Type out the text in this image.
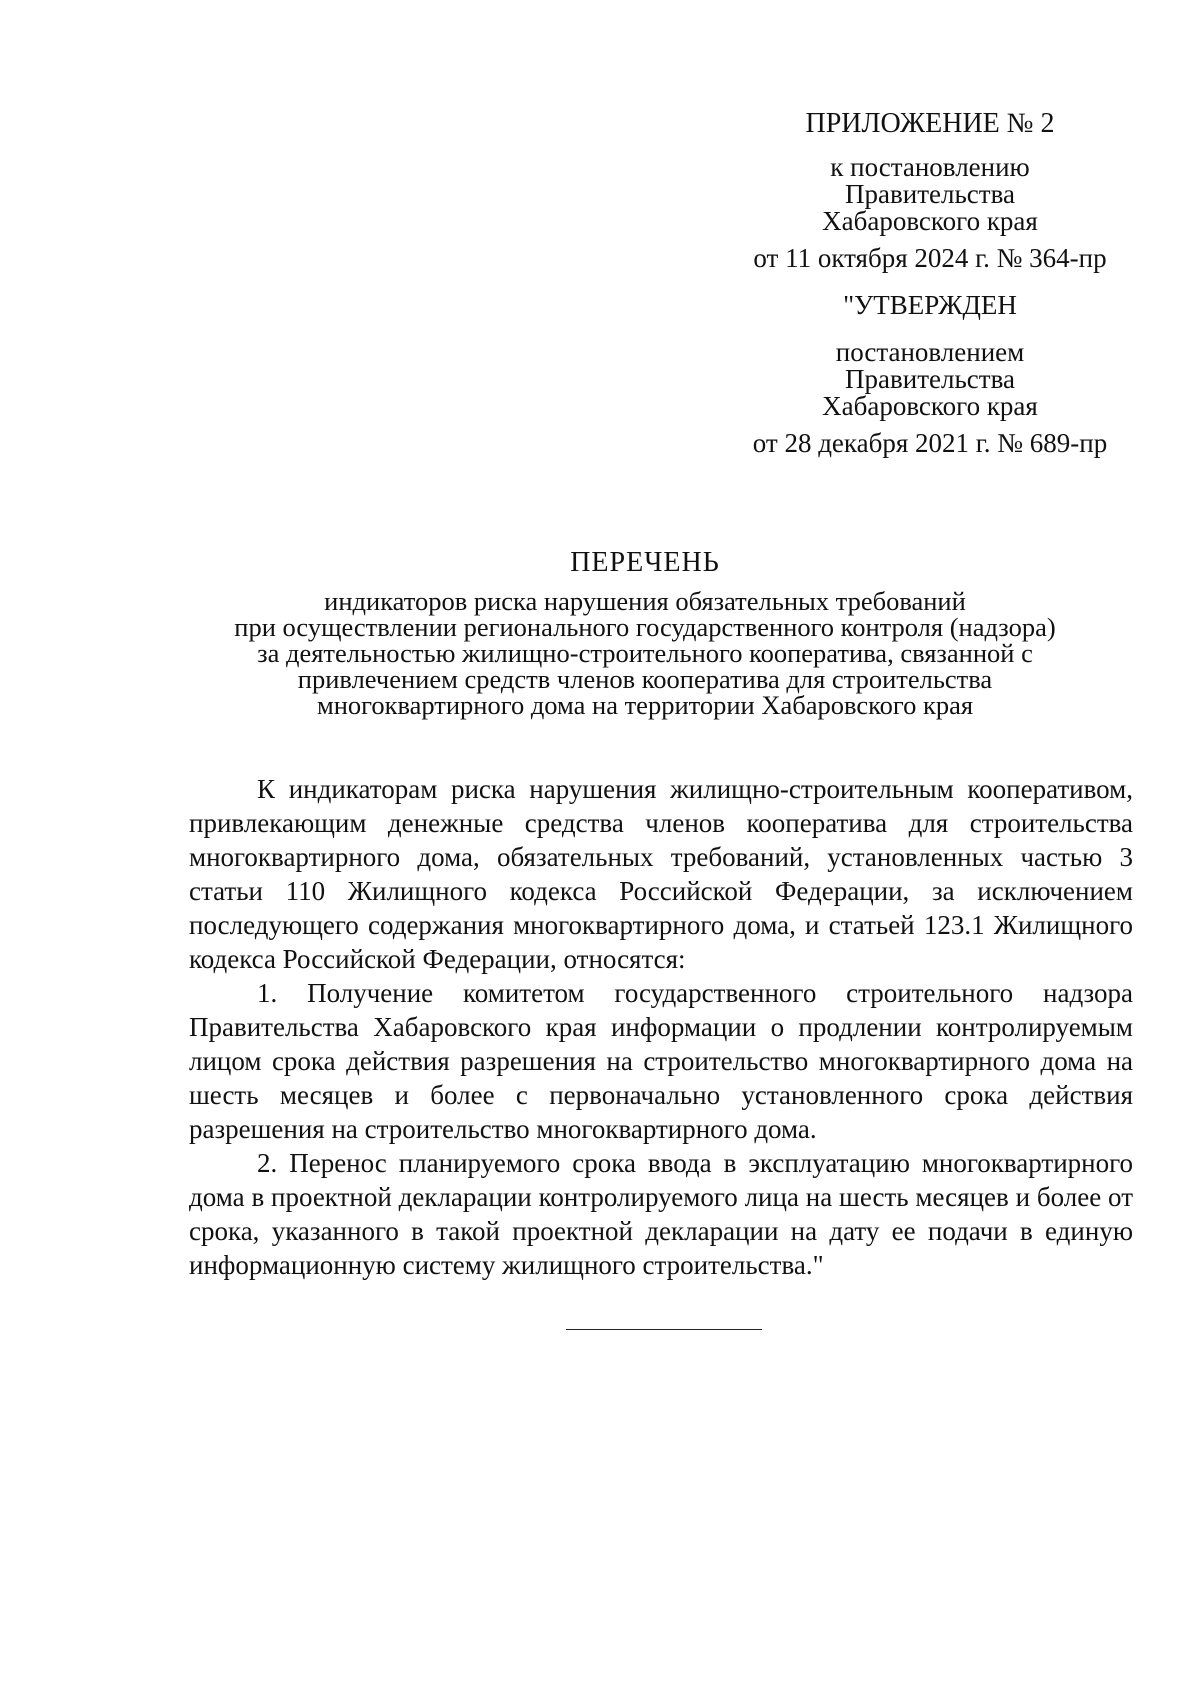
ПРИЛОЖЕНИЕ № 2
к постановлению
Правительства
Хабаровского края
от 11 октября 2024 г. № 364-пр
"УТВЕРЖДЕН
постановлением
Правительства
Хабаровского края
от 28 декабря 2021 г. № 689-пр
ПЕРЕЧЕНЬ
индикаторов риска нарушения обязательных требований
при осуществлении регионального государственного контроля (надзора)
за деятельностью жилищно-строительного кооператива, связанной с
привлечением средств членов кооператива для строительства
многоквартирного дома на территории Хабаровского края

К индикаторам риска нарушения жилищно-строительным кооперативом, привлекающим денежные средства членов кооператива для строительства многоквартирного дома, обязательных требований, установленных частью 3 статьи 110 Жилищного кодекса Российской Федерации, за исключением последующего содержания многоквартирного дома, и статьей 123.1 Жилищного кодекса Российской Федерации, относятся:

1. Получение комитетом государственного строительного надзора Правительства Хабаровского края информации о продлении контролируемым лицом срока действия разрешения на строительство многоквартирного дома на шесть месяцев и более с первоначально установленного срока действия разрешения на строительство многоквартирного дома.

2. Перенос планируемого срока ввода в эксплуатацию многоквартирного дома в проектной декларации контролируемого лица на шесть месяцев и более от срока, указанного в такой проектной декларации на дату ее подачи в единую информационную систему жилищного строительства."
